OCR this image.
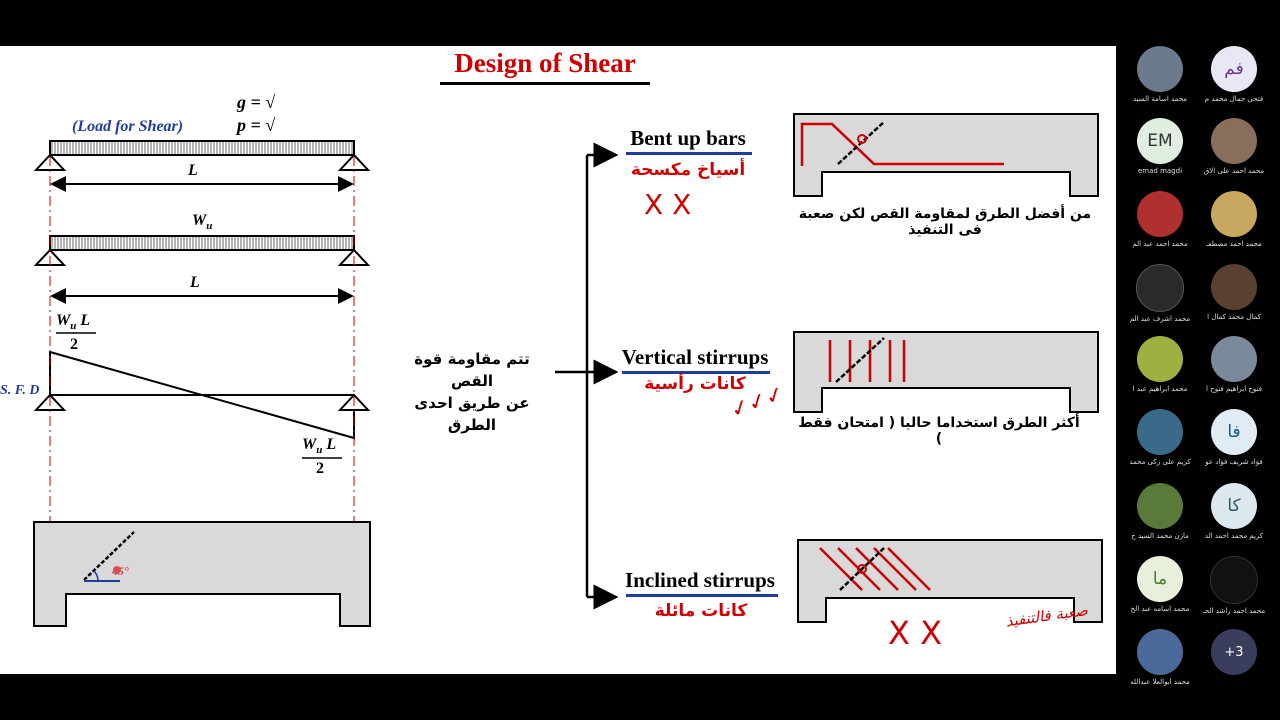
Design of Shear
g = √
p = √
(Load for Shear)
L
$W_u$
L
$W_u$ L
2
S. F. D
$W_u$ L
2
45°
تتم مقاومة قوة القص
عن طريق احدى الطرق
Bent up bars
أسياخ مكسحة
X X	من أفضل الطرق لمقاومة القص لكن صعبة فى التنفيذ
Vertical stirrups
كانات رأسية
✓✓✓ أكثر الطرق استخداما حاليا ( امتحان فقط )
Inclined stirrups
كانات مائلة
X X	صعبة فالتنفيذ
محمد اسامة السيد
فم
فتحى جمال محمد م
EM
emad magdi	محمد احمد على الاق
محمد احمد عبد الم	محمد احمد مصطفـ
محمد اشرف عبد الم	كمال محمد كمال ا
محمد ابراهيم عبد ا	فتوح ابراهيم فتوح ا
كريم على زكى محمد
فا
فؤاد شريف فؤاد عو
مازن محمد السيد خ
كا
كريم محمد احمد الد
ما
محمد اسامه عبد الخ	محمد احمد راشد الحـ
محمد ابوالعلا عبدالله
+3
